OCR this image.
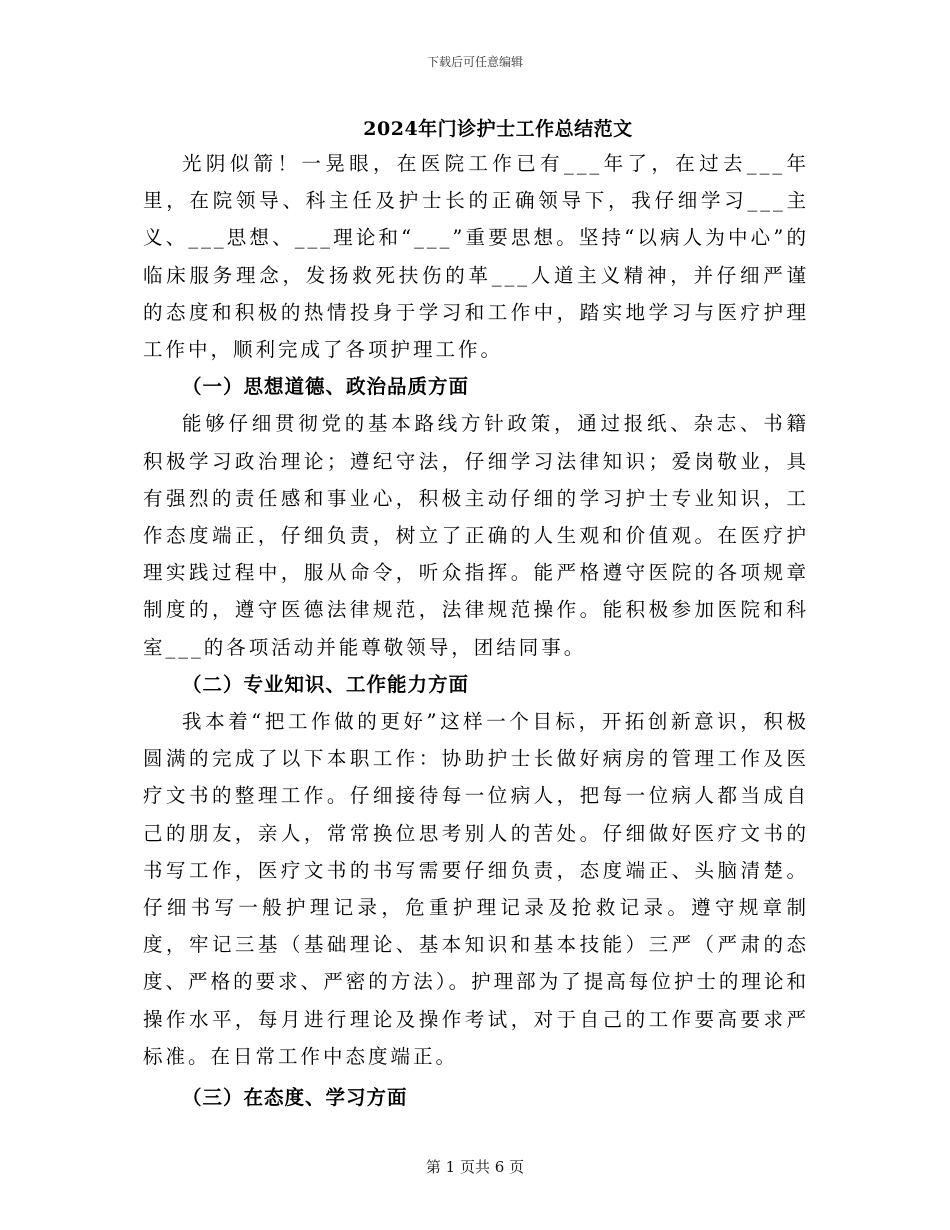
下载后可任意编辑
2024年门诊护士工作总结范文

光阴似箭！一晃眼，在医院工作已有___年了，在过去___年里，在院领导、科主任及护士长的正确领导下，我仔细学习___主义、___思想、___理论和“___”重要思想。坚持“以病人为中心”的临床服务理念，发扬救死扶伤的革___人道主义精神，并仔细严谨的态度和积极的热情投身于学习和工作中，踏实地学习与医疗护理工作中，顺利完成了各项护理工作。

（一）思想道德、政治品质方面

能够仔细贯彻党的基本路线方针政策，通过报纸、杂志、书籍积极学习政治理论；遵纪守法，仔细学习法律知识；爱岗敬业，具有强烈的责任感和事业心，积极主动仔细的学习护士专业知识，工作态度端正，仔细负责，树立了正确的人生观和价值观。在医疗护理实践过程中，服从命令，听众指挥。能严格遵守医院的各项规章制度的，遵守医德法律规范，法律规范操作。能积极参加医院和科室___的各项活动并能尊敬领导，团结同事。

（二）专业知识、工作能力方面

我本着“把工作做的更好”这样一个目标，开拓创新意识，积极圆满的完成了以下本职工作：协助护士长做好病房的管理工作及医疗文书的整理工作。仔细接待每一位病人，把每一位病人都当成自己的朋友，亲人，常常换位思考别人的苦处。仔细做好医疗文书的书写工作，医疗文书的书写需要仔细负责，态度端正、头脑清楚。仔细书写一般护理记录，危重护理记录及抢救记录。遵守规章制度，牢记三基（基础理论、基本知识和基本技能）三严（严肃的态度、严格的要求、严密的方法）。护理部为了提高每位护士的理论和操作水平，每月进行理论及操作考试，对于自己的工作要高要求严标准。在日常工作中态度端正。

（三）在态度、学习方面

第 1 页共 6 页
